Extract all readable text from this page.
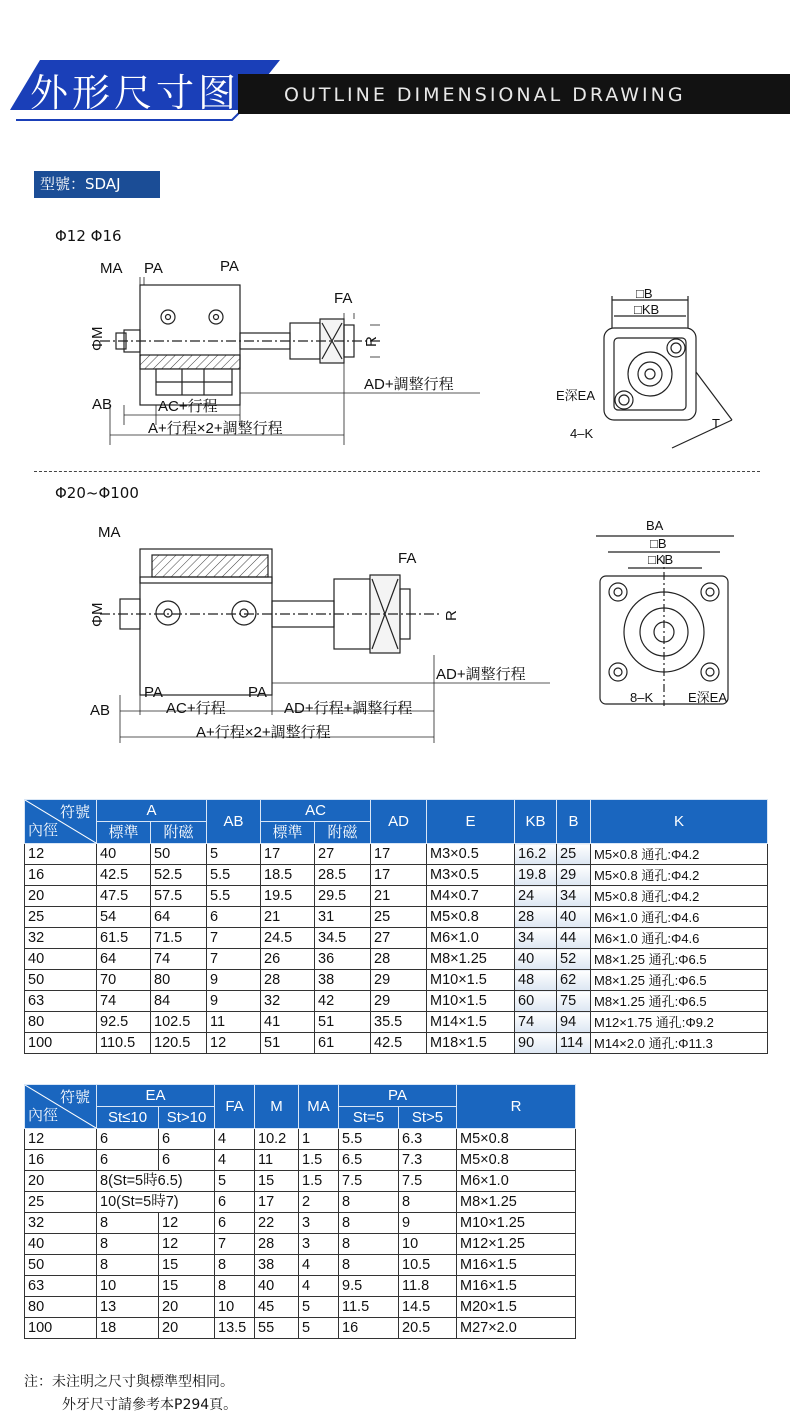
外形尺寸图 OUTLINE DIMENSIONAL DRAWING
型號：SDAJ
Φ12 Φ16
MA PA	PA
FA
ΦM	R
AD+調整行程
AB	AC+行程
A+行程×2+調整行程
□B
□KB
E深EA
4–K
T
Φ20~Φ100
MA
FA
ΦM	R
AD+調整行程
PA	PA
AB	AC+行程	AD+行程+調整行程
A+行程×2+調整行程
BA
□B
□KB
8–K	E深EA
符號
內徑	A		AB	AC		AD	E	KB	B	K
	標準	附磁		標準	附磁					
12	40	50	5	17	27	17	M3×0.5	16.2	25	M5×0.8 通孔:Φ4.2
16	42.5	52.5	5.5	18.5	28.5	17	M3×0.5	19.8	29	M5×0.8 通孔:Φ4.2
20	47.5	57.5	5.5	19.5	29.5	21	M4×0.7	24	34	M5×0.8 通孔:Φ4.2
25	54	64	6	21	31	25	M5×0.8	28	40	M6×1.0 通孔:Φ4.6
32	61.5	71.5	7	24.5	34.5	27	M6×1.0	34	44	M6×1.0 通孔:Φ4.6
40	64	74	7	26	36	28	M8×1.25	40	52	M8×1.25 通孔:Φ6.5
50	70	80	9	28	38	29	M10×1.5	48	62	M8×1.25 通孔:Φ6.5
63	74	84	9	32	42	29	M10×1.5	60	75	M8×1.25 通孔:Φ6.5
80	92.5	102.5	11	41	51	35.5	M14×1.5	74	94	M12×1.75 通孔:Φ9.2
100	110.5	120.5	12	51	61	42.5	M18×1.5	90	114	M14×2.0 通孔:Φ11.3
符號
內徑	EA		FA	M	MA	PA		R
	St≤10	St>10				St=5	St>5	
12	6	6	4	10.2	1	5.5	6.3	M5×0.8
16	6	6	4	11	1.5	6.5	7.3	M5×0.8
20	8(St=5時6.5)		5	15	1.5	7.5	7.5	M6×1.0
25	10(St=5時7)		6	17	2	8	8	M8×1.25
32	8	12	6	22	3	8	9	M10×1.25
40	8	12	7	28	3	8	10	M12×1.25
50	8	15	8	38	4	8	10.5	M16×1.5
63	10	15	8	40	4	9.5	11.8	M16×1.5
80	13	20	10	45	5	11.5	14.5	M20×1.5
100	18	20	13.5	55	5	16	20.5	M27×2.0
注：未注明之尺寸與標準型相同。
外牙尺寸請參考本P294頁。
